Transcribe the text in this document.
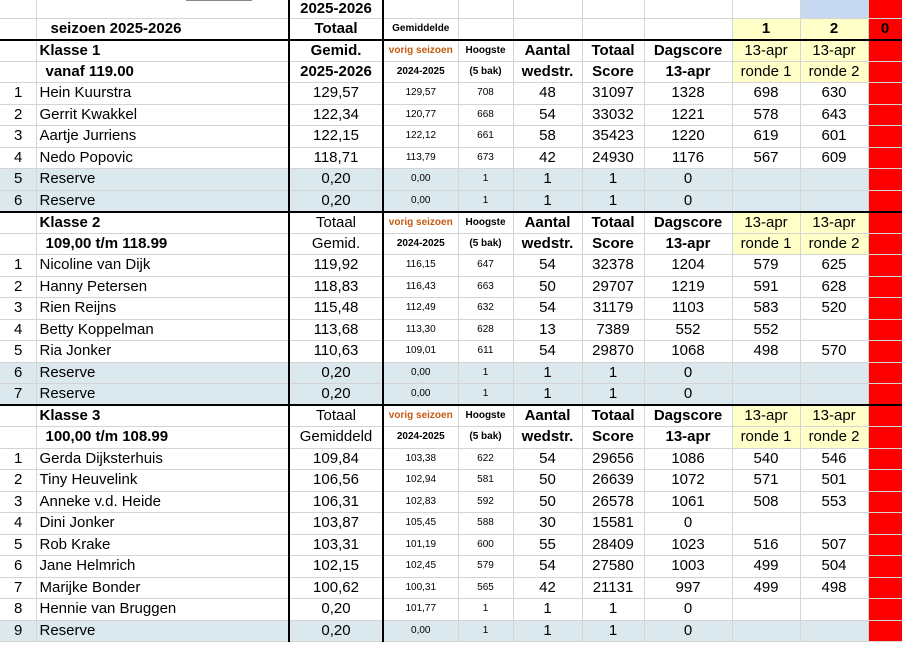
		2025-2026								
	seizoen 2025-2026	Totaal	Gemiddelde					1	2	0
	Klasse 1	Gemid.	vorig seizoen	Hoogste	Aantal	Totaal	Dagscore	13-apr	13-apr	
	vanaf 119.00	2025-2026	2024-2025	(5 bak)	wedstr.	Score	13-apr	ronde 1	ronde 2	
1	Hein Kuurstra	129,57	129,57	708	48	31097	1328	698	630	
2	Gerrit Kwakkel	122,34	120,77	668	54	33032	1221	578	643	
3	Aartje Jurriens	122,15	122,12	661	58	35423	1220	619	601	
4	Nedo Popovic	118,71	113,79	673	42	24930	1176	567	609	
5	Reserve	0,20	0,00	1	1	1	0			
6	Reserve	0,20	0,00	1	1	1	0			
	Klasse 2	Totaal	vorig seizoen	Hoogste	Aantal	Totaal	Dagscore	13-apr	13-apr	
	109,00 t/m 118.99	Gemid.	2024-2025	(5 bak)	wedstr.	Score	13-apr	ronde 1	ronde 2	
1	Nicoline van Dijk	119,92	116,15	647	54	32378	1204	579	625	
2	Hanny Petersen	118,83	116,43	663	50	29707	1219	591	628	
3	Rien Reijns	115,48	112,49	632	54	31179	1103	583	520	
4	Betty Koppelman	113,68	113,30	628	13	7389	552	552		
5	Ria Jonker	110,63	109,01	611	54	29870	1068	498	570	
6	Reserve	0,20	0,00	1	1	1	0			
7	Reserve	0,20	0,00	1	1	1	0			
	Klasse 3	Totaal	vorig seizoen	Hoogste	Aantal	Totaal	Dagscore	13-apr	13-apr	
	100,00 t/m 108.99	Gemiddeld	2024-2025	(5 bak)	wedstr.	Score	13-apr	ronde 1	ronde 2	
1	Gerda Dijksterhuis	109,84	103,38	622	54	29656	1086	540	546	
2	Tiny Heuvelink	106,56	102,94	581	50	26639	1072	571	501	
3	Anneke v.d. Heide	106,31	102,83	592	50	26578	1061	508	553	
4	Dini Jonker	103,87	105,45	588	30	15581	0			
5	Rob Krake	103,31	101,19	600	55	28409	1023	516	507	
6	Jane Helmrich	102,15	102,45	579	54	27580	1003	499	504	
7	Marijke Bonder	100,62	100,31	565	42	21131	997	499	498	
8	Hennie van Bruggen	0,20	101,77	1	1	1	0			
9	Reserve	0,20	0,00	1	1	1	0			
